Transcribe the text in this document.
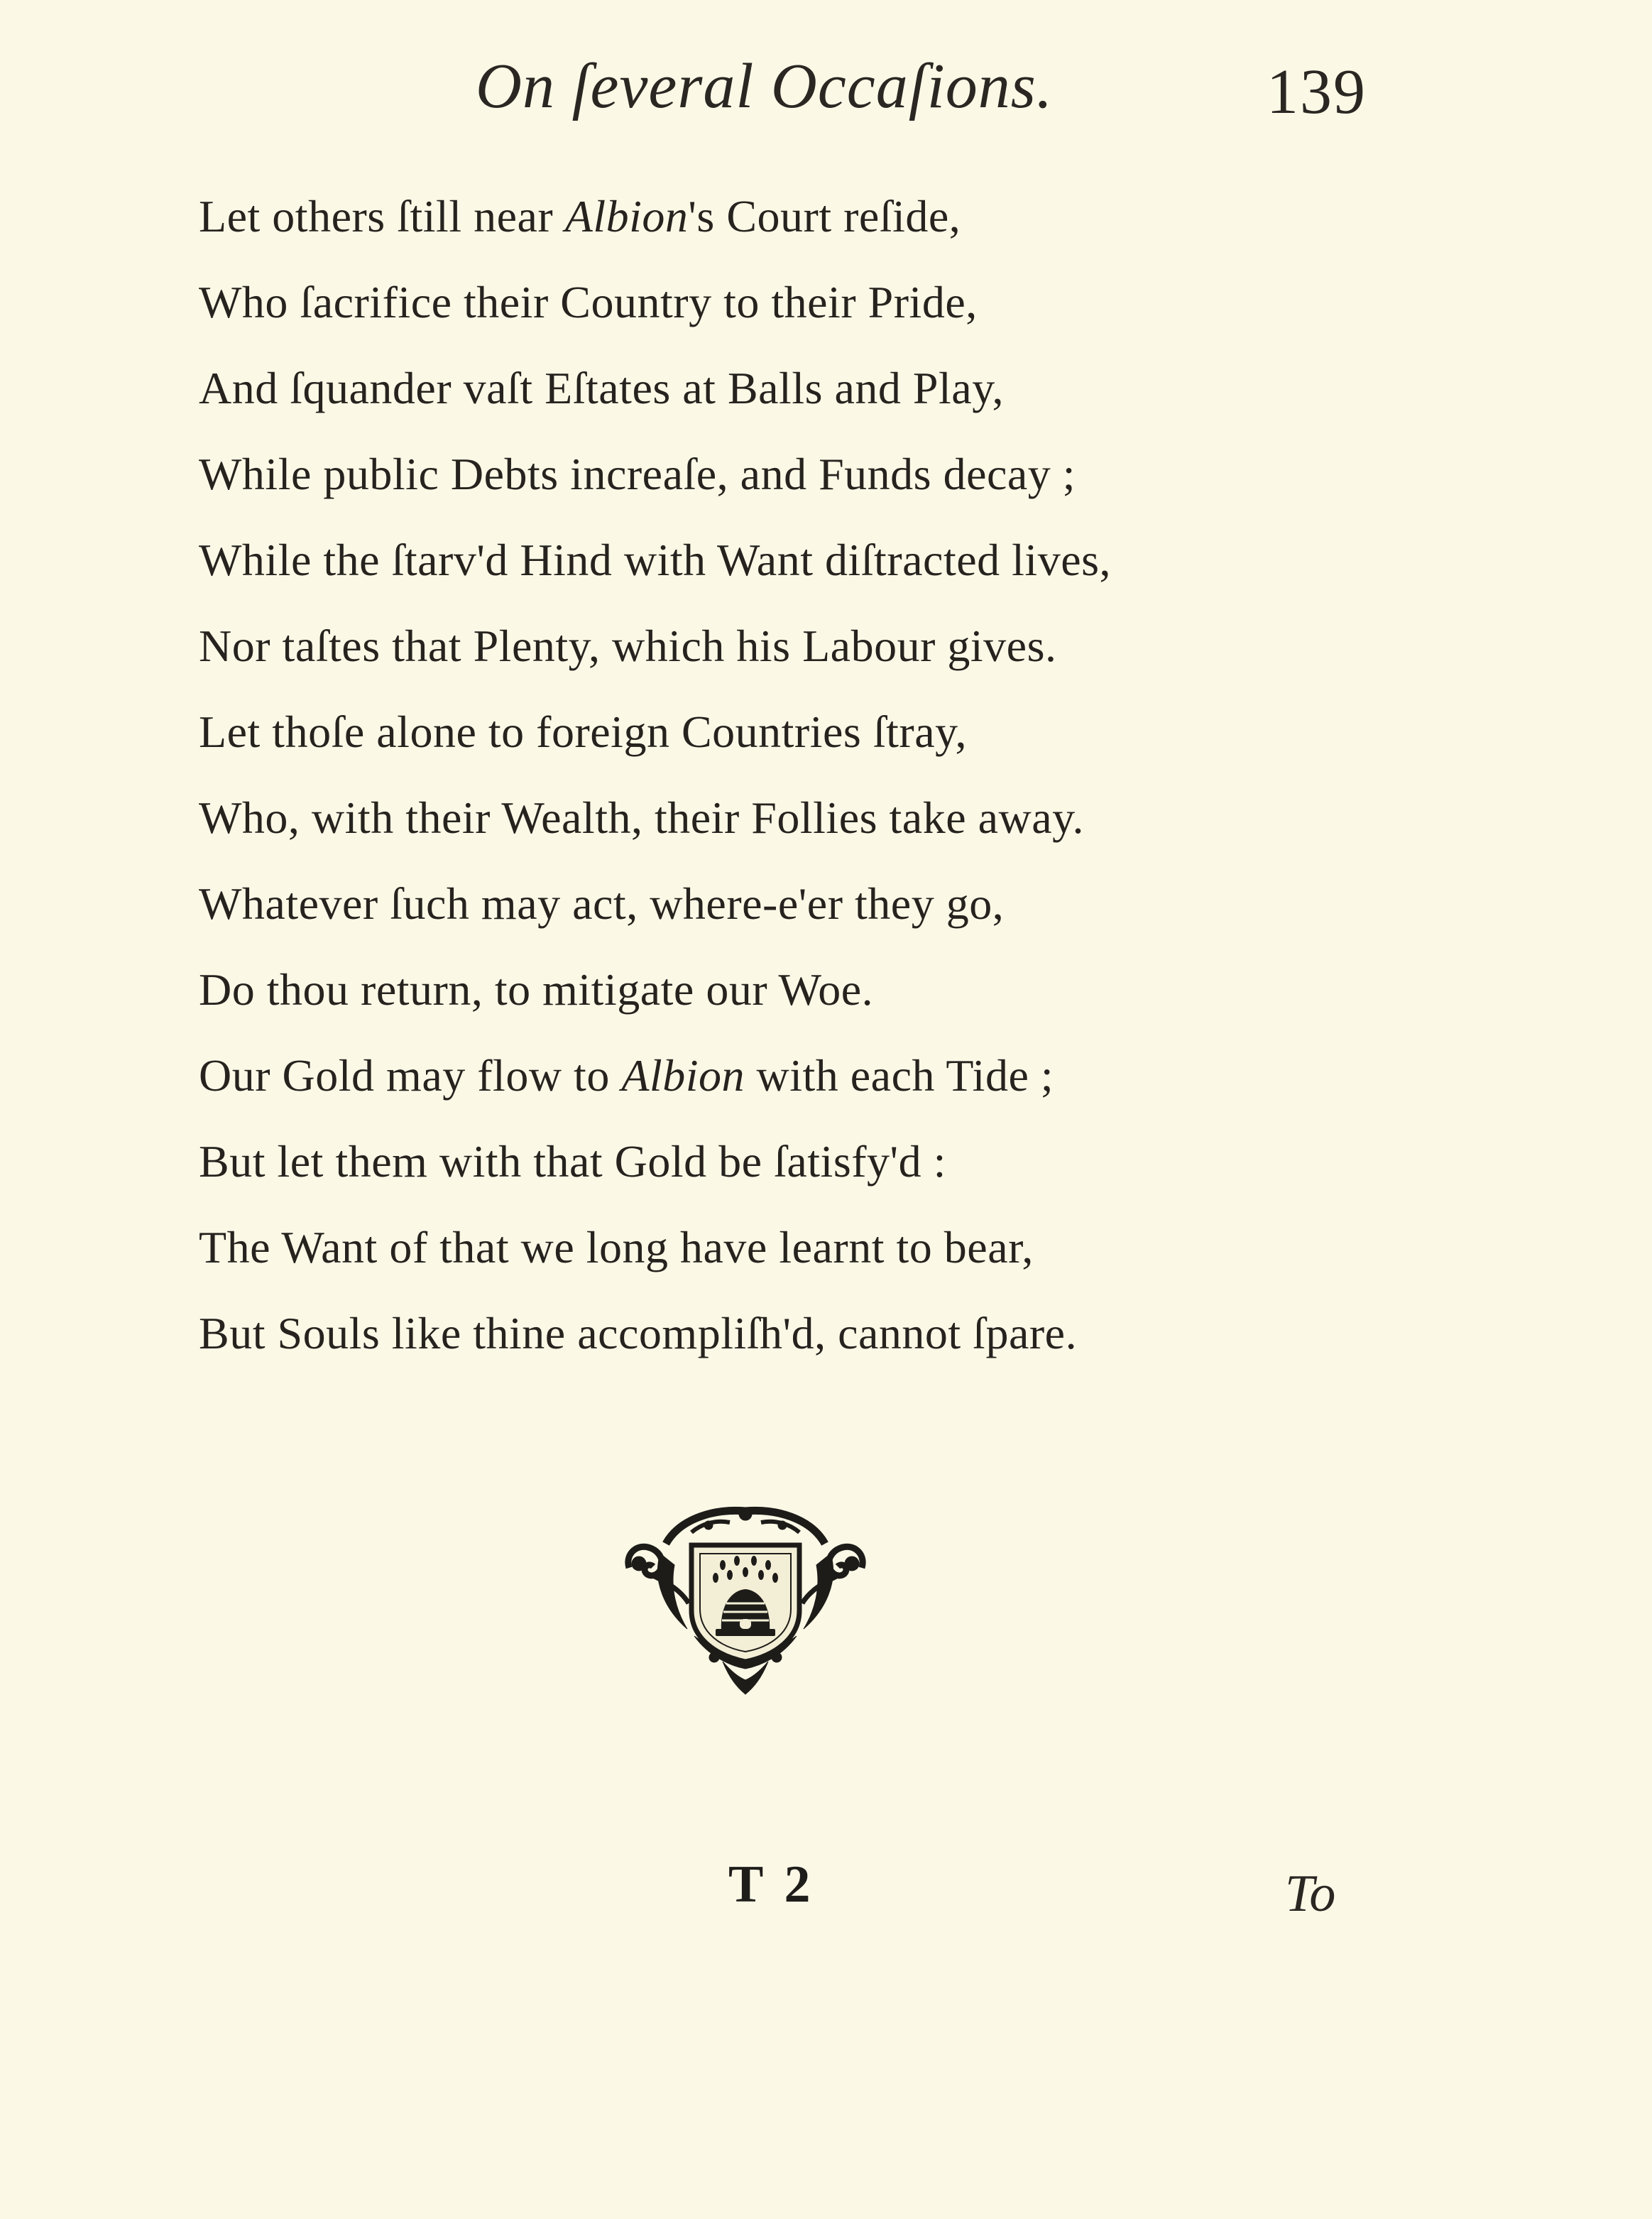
On ſeveral Occaſions.	139
Let others ſtill near Albion's Court reſide,
Who ſacrifice their Country to their Pride,
And ſquander vaſt Eſtates at Balls and Play,
While public Debts increaſe, and Funds decay ;
While the ſtarv'd Hind with Want diſtracted lives,
Nor taſtes that Plenty, which his Labour gives.
Let thoſe alone to foreign Countries ſtray,
Who, with their Wealth, their Follies take away.
Whatever ſuch may act, where-e'er they go,
Do thou return, to mitigate our Woe.
Our Gold may flow to Albion with each Tide ;
But let them with that Gold be ſatisfy'd :
The Want of that we long have learnt to bear,
But Souls like thine accompliſh'd, cannot ſpare.
T 2	To
